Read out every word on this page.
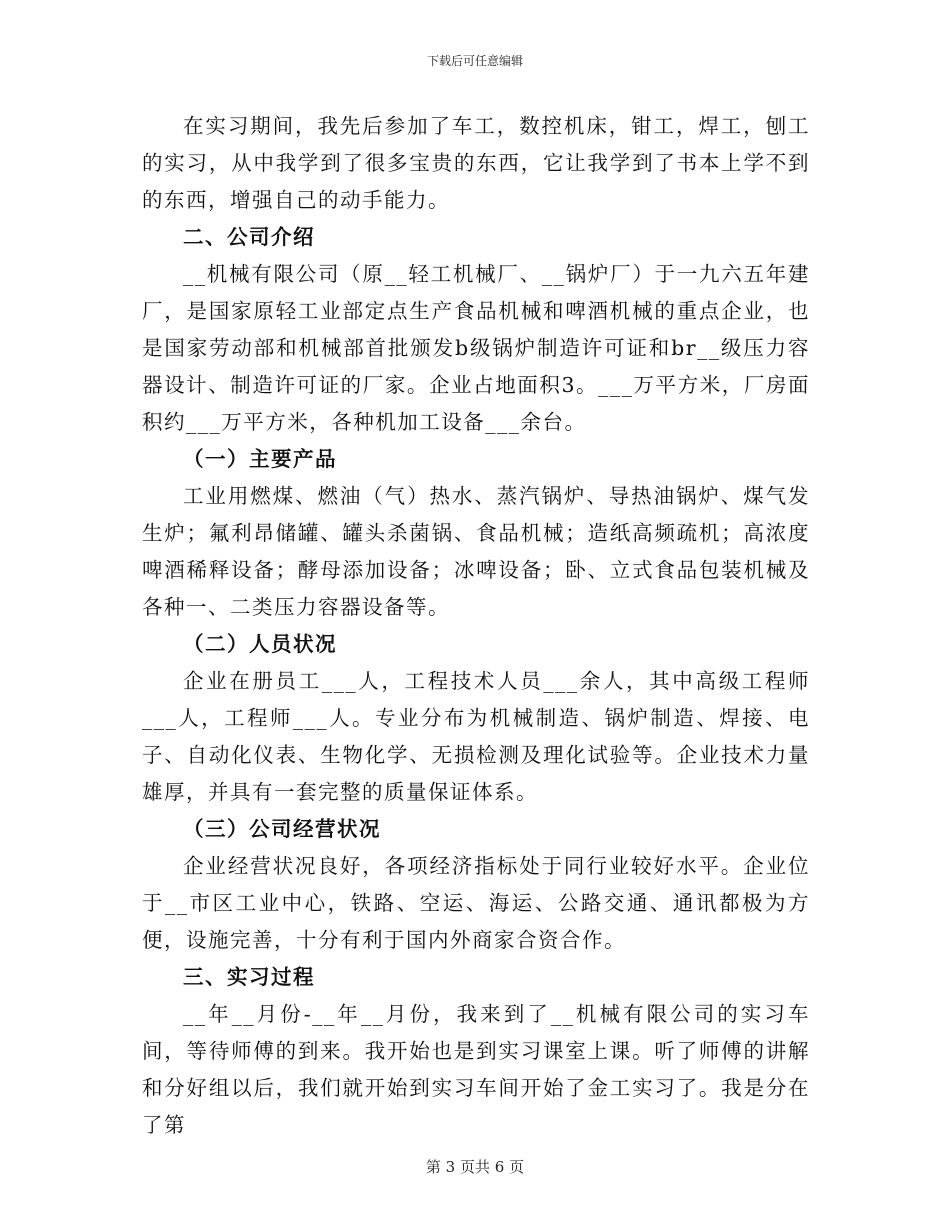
下载后可任意编辑

在实习期间，我先后参加了车工，数控机床，钳工，焊工，刨工的实习，从中我学到了很多宝贵的东西，它让我学到了书本上学不到的东西，增强自己的动手能力。

二、公司介绍

__机械有限公司（原__轻工机械厂、__锅炉厂）于一九六五年建厂，是国家原轻工业部定点生产食品机械和啤酒机械的重点企业，也是国家劳动部和机械部首批颁发b级锅炉制造许可证和br__级压力容器设计、制造许可证的厂家。企业占地面积3。___万平方米，厂房面积约___万平方米，各种机加工设备___余台。

（一）主要产品

工业用燃煤、燃油（气）热水、蒸汽锅炉、导热油锅炉、煤气发生炉；氟利昂储罐、罐头杀菌锅、食品机械；造纸高频疏机；高浓度啤酒稀释设备；酵母添加设备；冰啤设备；卧、立式食品包装机械及各种一、二类压力容器设备等。

（二）人员状况

企业在册员工___人，工程技术人员___余人，其中高级工程师___人，工程师___人。专业分布为机械制造、锅炉制造、焊接、电子、自动化仪表、生物化学、无损检测及理化试验等。企业技术力量雄厚，并具有一套完整的质量保证体系。

（三）公司经营状况

企业经营状况良好，各项经济指标处于同行业较好水平。企业位于__市区工业中心，铁路、空运、海运、公路交通、通讯都极为方便，设施完善，十分有利于国内外商家合资合作。

三、实习过程

__年__月份-__年__月份，我来到了__机械有限公司的实习车间，等待师傅的到来。我开始也是到实习课室上课。听了师傅的讲解和分好组以后，我们就开始到实习车间开始了金工实习了。我是分在了第

第 3 页共 6 页
